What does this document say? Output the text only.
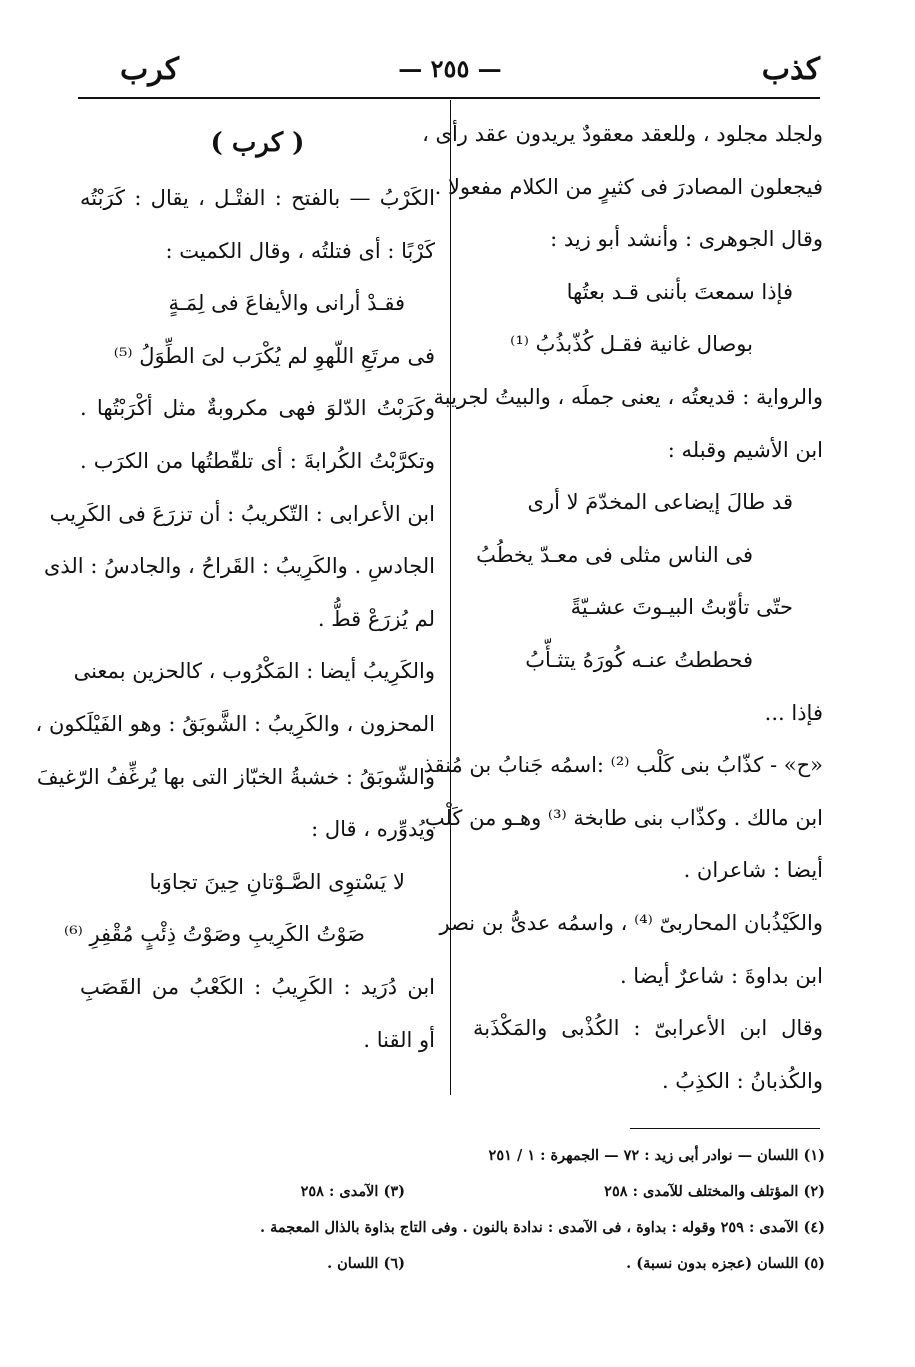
كذب
— ٢٥٥ —
كرب
ولجلد مجلود ، وللعقد معقودٌ يريدون عقد رأى ،
فيجعلون المصادرَ فى كثيرٍ من الكلام مفعولا .
وقال الجوهرى : وأنشد أبو زيد :
فإذا سمعتَ بأننى قـد بعتُها
بوصال غانية فقـل كُذّبذُبُ ⁽¹⁾
والرواية : قديعتُه ، يعنى جملَه ، والبيتُ لجريبة
ابن الأشيم وقبله :
قد طالَ إيضاعى المخدّمَ لا أرى
فى الناس مثلى فى معـدّ يخطُبُ
حتّى تأوّبتُ البيـوتَ عشـيّةً
فحططتُ عنـه كُورَهُ يتثـأّبُ
فإذا ...
«ح» - كذّابُ بنى كَلْب ⁽²⁾ :اسمُه جَنابُ بن مُنقذ
ابن مالك . وكذّاب بنى طابخة ⁽³⁾ وهـو من كَلْب
أيضا : شاعران .
والكَيْذُبان المحاربىّ ⁽⁴⁾ ، واسمُه عدىُّ بن نصر
ابن بداوةَ : شاعرٌ أيضا .
وقال ابن الأعرابىّ : الكُذْبى والمَكْذَبة
والكُذبانُ : الكذِبُ .
( كرب )
الكَرْبُ — بالفتح : الفتْـل ، يقال : كَرَبْتُه
كَرْبًا : أى فتلتُه ، وقال الكميت :
فقـدْ أرانى والأيفاعَ فى لِمَـةٍ
فى مرتَعِ اللّهوِ لم يُكْرَب لىَ الطِّوَلُ ⁽⁵⁾
وكَرَبْتُ الدّلوَ فهى مكروبةٌ مثل أكْرَبْتُها .
وتكرَّبْتُ الكُرابةَ : أى تلقّطتُها من الكرَب .
ابن الأعرابى : التّكريبُ : أن تزرَعَ فى الكَرِيب
الجادسِ . والكَرِيبُ : القَراحُ ، والجادسُ : الذى
لم يُزرَعْ قطُّ .
والكَرِيبُ أيضا : المَكْرُوب ، كالحزين بمعنى
المحزون ، والكَرِيبُ : الشَّوبَقُ : وهو الفَيْلَكون ،
والشّوبَقُ : خشبةُ الخبّاز التى بها يُرغِّفُ الرّغيفَ
ويُدوِّره ، قال :
لا يَسْتوِى الصَّـوْتانِ حِينَ تجاوَبا
صَوْتُ الكَرِيبِ وصَوْتُ ذِئْبٍ مُقْفِرِ ⁽⁶⁾
ابن دُرَيد : الكَرِيبُ : الكَعْبُ من القَصَبِ
أو القنا .
(١) اللسان — نوادر أبى زيد : ٧٢ — الجمهرة : ١ / ٢٥١
(٢) المؤتلف والمختلف للآمدى : ٢٥٨
(٣) الآمدى : ٢٥٨
(٤) الآمدى : ٢٥٩ وقوله : بداوة ، فى الآمدى : ندادة بالنون . وفى التاج بذاوة بالذال المعجمة .
(٥) اللسان (عجزه بدون نسبة) .
(٦) اللسان .
